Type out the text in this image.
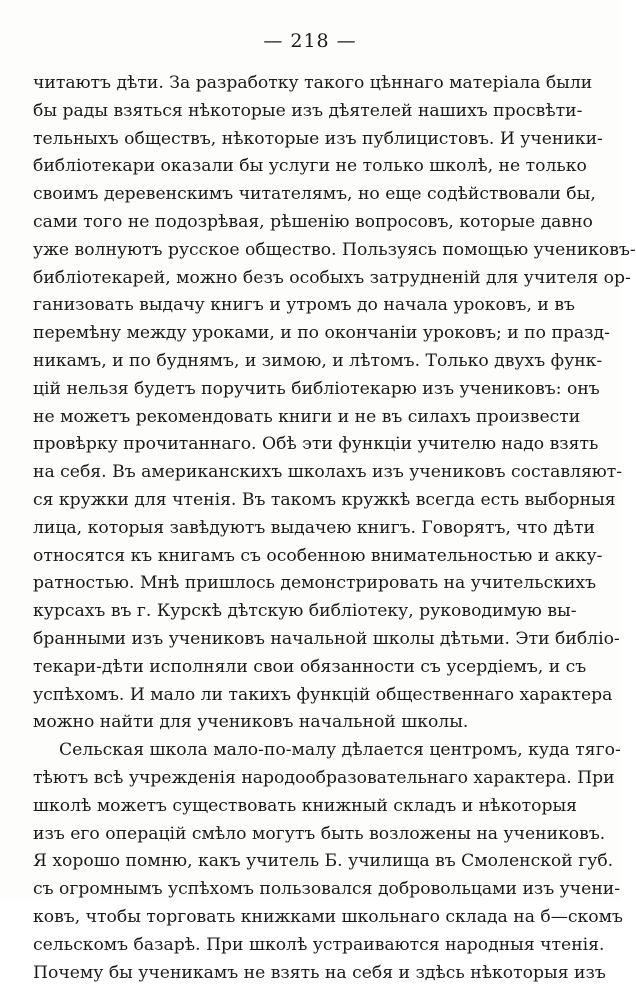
— 218 —
читаютъ дѣти. За разработку такого цѣннаго матеріала были
бы рады взяться нѣкоторые изъ дѣятелей нашихъ просвѣти-
тельныхъ обществъ, нѣкоторые изъ публицистовъ. И ученики-
библіотекари оказали бы услуги не только школѣ, не только
своимъ деревенскимъ читателямъ, но еще содѣйствовали бы,
сами того не подозрѣвая, рѣшенію вопросовъ, которые давно
уже волнуютъ русское общество. Пользуясь помощью учениковъ-
библіотекарей, можно безъ особыхъ затрудненій для учителя ор-
ганизовать выдачу книгъ и утромъ до начала уроковъ, и въ
перемѣну между уроками, и по окончаніи уроковъ; и по празд-
никамъ, и по буднямъ, и зимою, и лѣтомъ. Только двухъ функ-
цій нельзя будетъ поручить библіотекарю изъ учениковъ: онъ
не можетъ рекомендовать книги и не въ силахъ произвести
провѣрку прочитаннаго. Обѣ эти функціи учителю надо взять
на себя. Въ американскихъ школахъ изъ учениковъ составляют-
ся кружки для чтенія. Въ такомъ кружкѣ всегда есть выборныя
лица, которыя завѣдуютъ выдачею книгъ. Говорятъ, что дѣти
относятся къ книгамъ съ особенною внимательностью и акку-
ратностью. Мнѣ пришлось демонстрировать на учительскихъ
курсахъ въ г. Курскѣ дѣтскую библіотеку, руководимую вы-
бранными изъ учениковъ начальной школы дѣтьми. Эти библіо-
текари-дѣти исполняли свои обязанности съ усердіемъ, и съ
успѣхомъ. И мало ли такихъ функцій общественнаго характера
можно найти для учениковъ начальной школы.
Сельская школа мало-по-малу дѣлается центромъ, куда тяго-
тѣютъ всѣ учрежденія народообразовательнаго характера. При
школѣ можетъ существовать книжный складъ и нѣкоторыя
изъ его операцій смѣло могутъ быть возложены на учениковъ.
Я хорошо помню, какъ учитель Б. училища въ Смоленской губ.
съ огромнымъ успѣхомъ пользовался добровольцами изъ учени-
ковъ, чтобы торговать книжками школьнаго склада на б—скомъ
сельскомъ базарѣ. При школѣ устраиваются народныя чтенія.
Почему бы ученикамъ не взять на себя и здѣсь нѣкоторыя изъ
